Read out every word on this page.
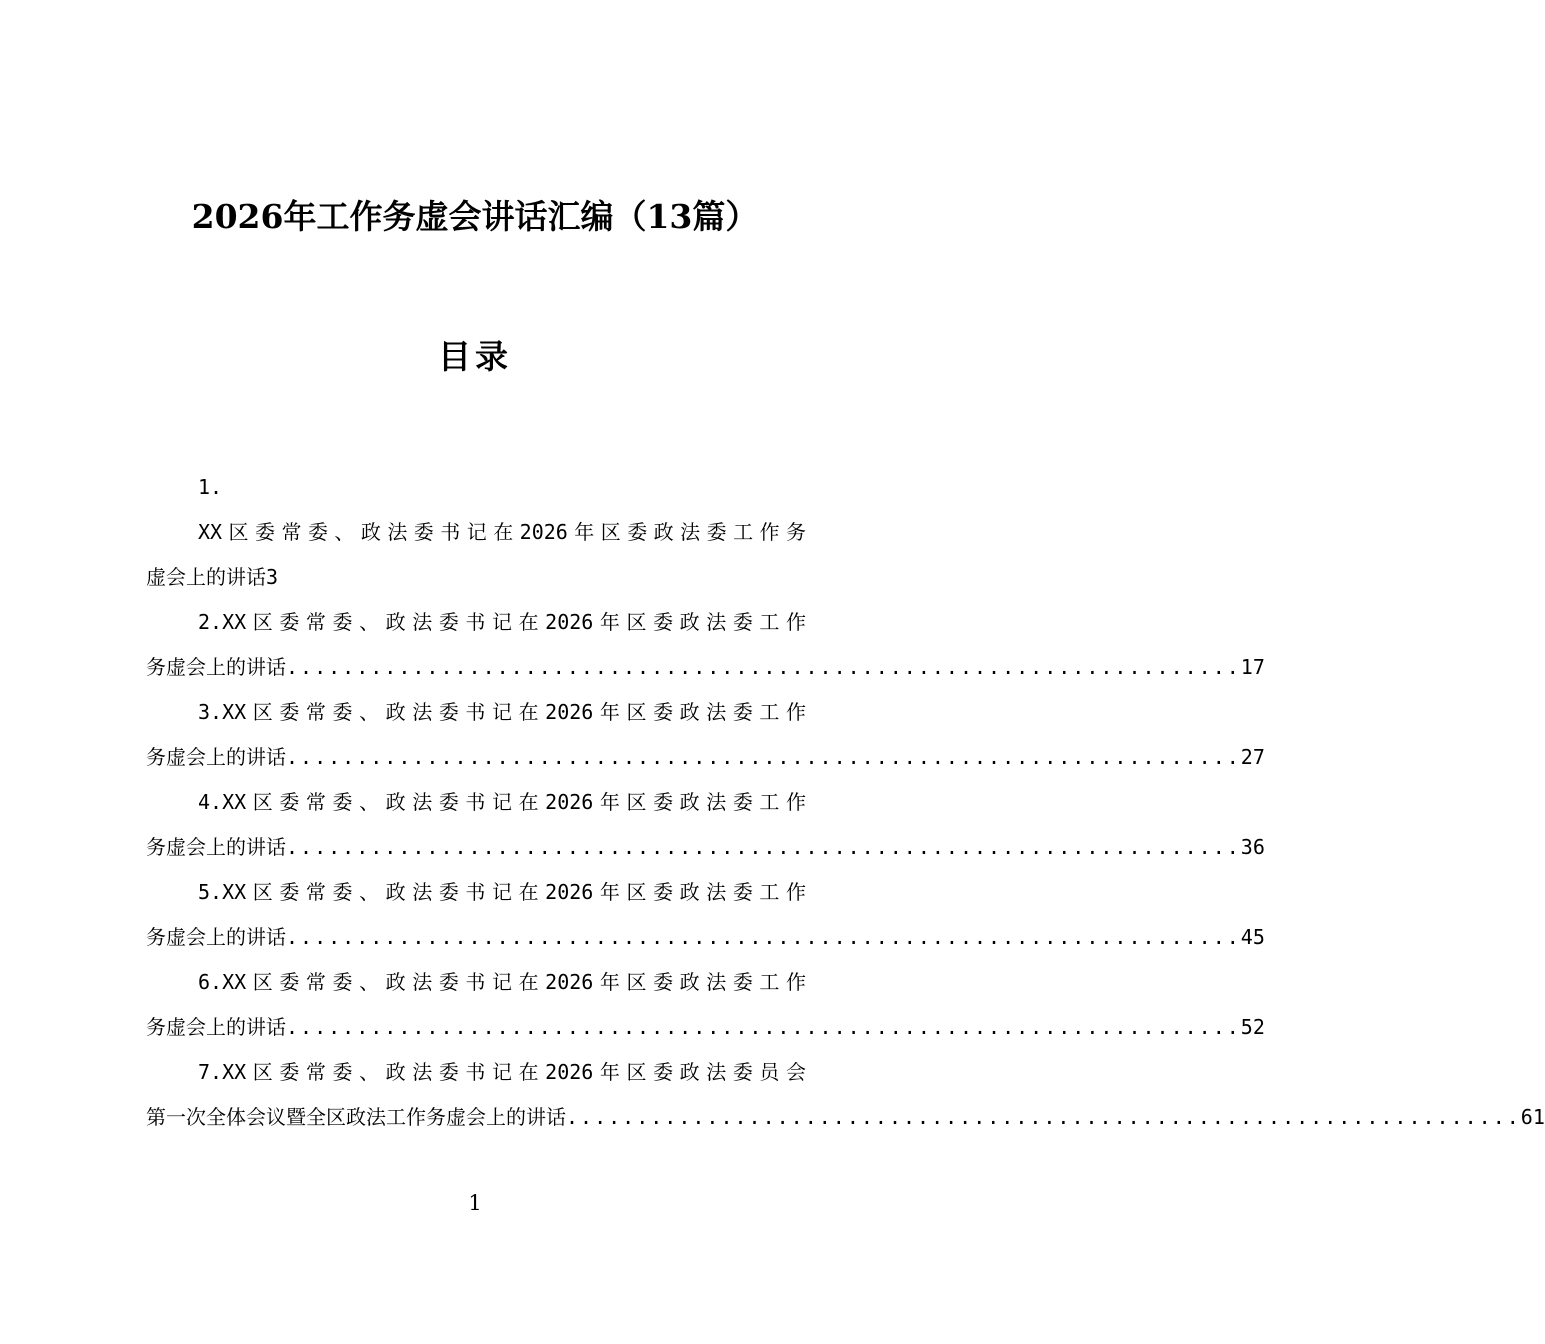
2026年工作务虚会讲话汇编（13篇）
目录
1.
XX区委常委、政法委书记在2026年区委政法委工作务
虚会上的讲话 3
2.XX区委常委、政法委书记在2026年区委政法委工作
务虚会上的讲话 .................................................................... 17
3.XX区委常委、政法委书记在2026年区委政法委工作
务虚会上的讲话 .................................................................... 27
4.XX区委常委、政法委书记在2026年区委政法委工作
务虚会上的讲话 .................................................................... 36
5.XX区委常委、政法委书记在2026年区委政法委工作
务虚会上的讲话 .................................................................... 45
6.XX区委常委、政法委书记在2026年区委政法委工作
务虚会上的讲话 .................................................................... 52
7.XX区委常委、政法委书记在2026年区委政法委员会
第一次全体会议暨全区政法工作务虚会上的讲话 .................................................................... 61
1
